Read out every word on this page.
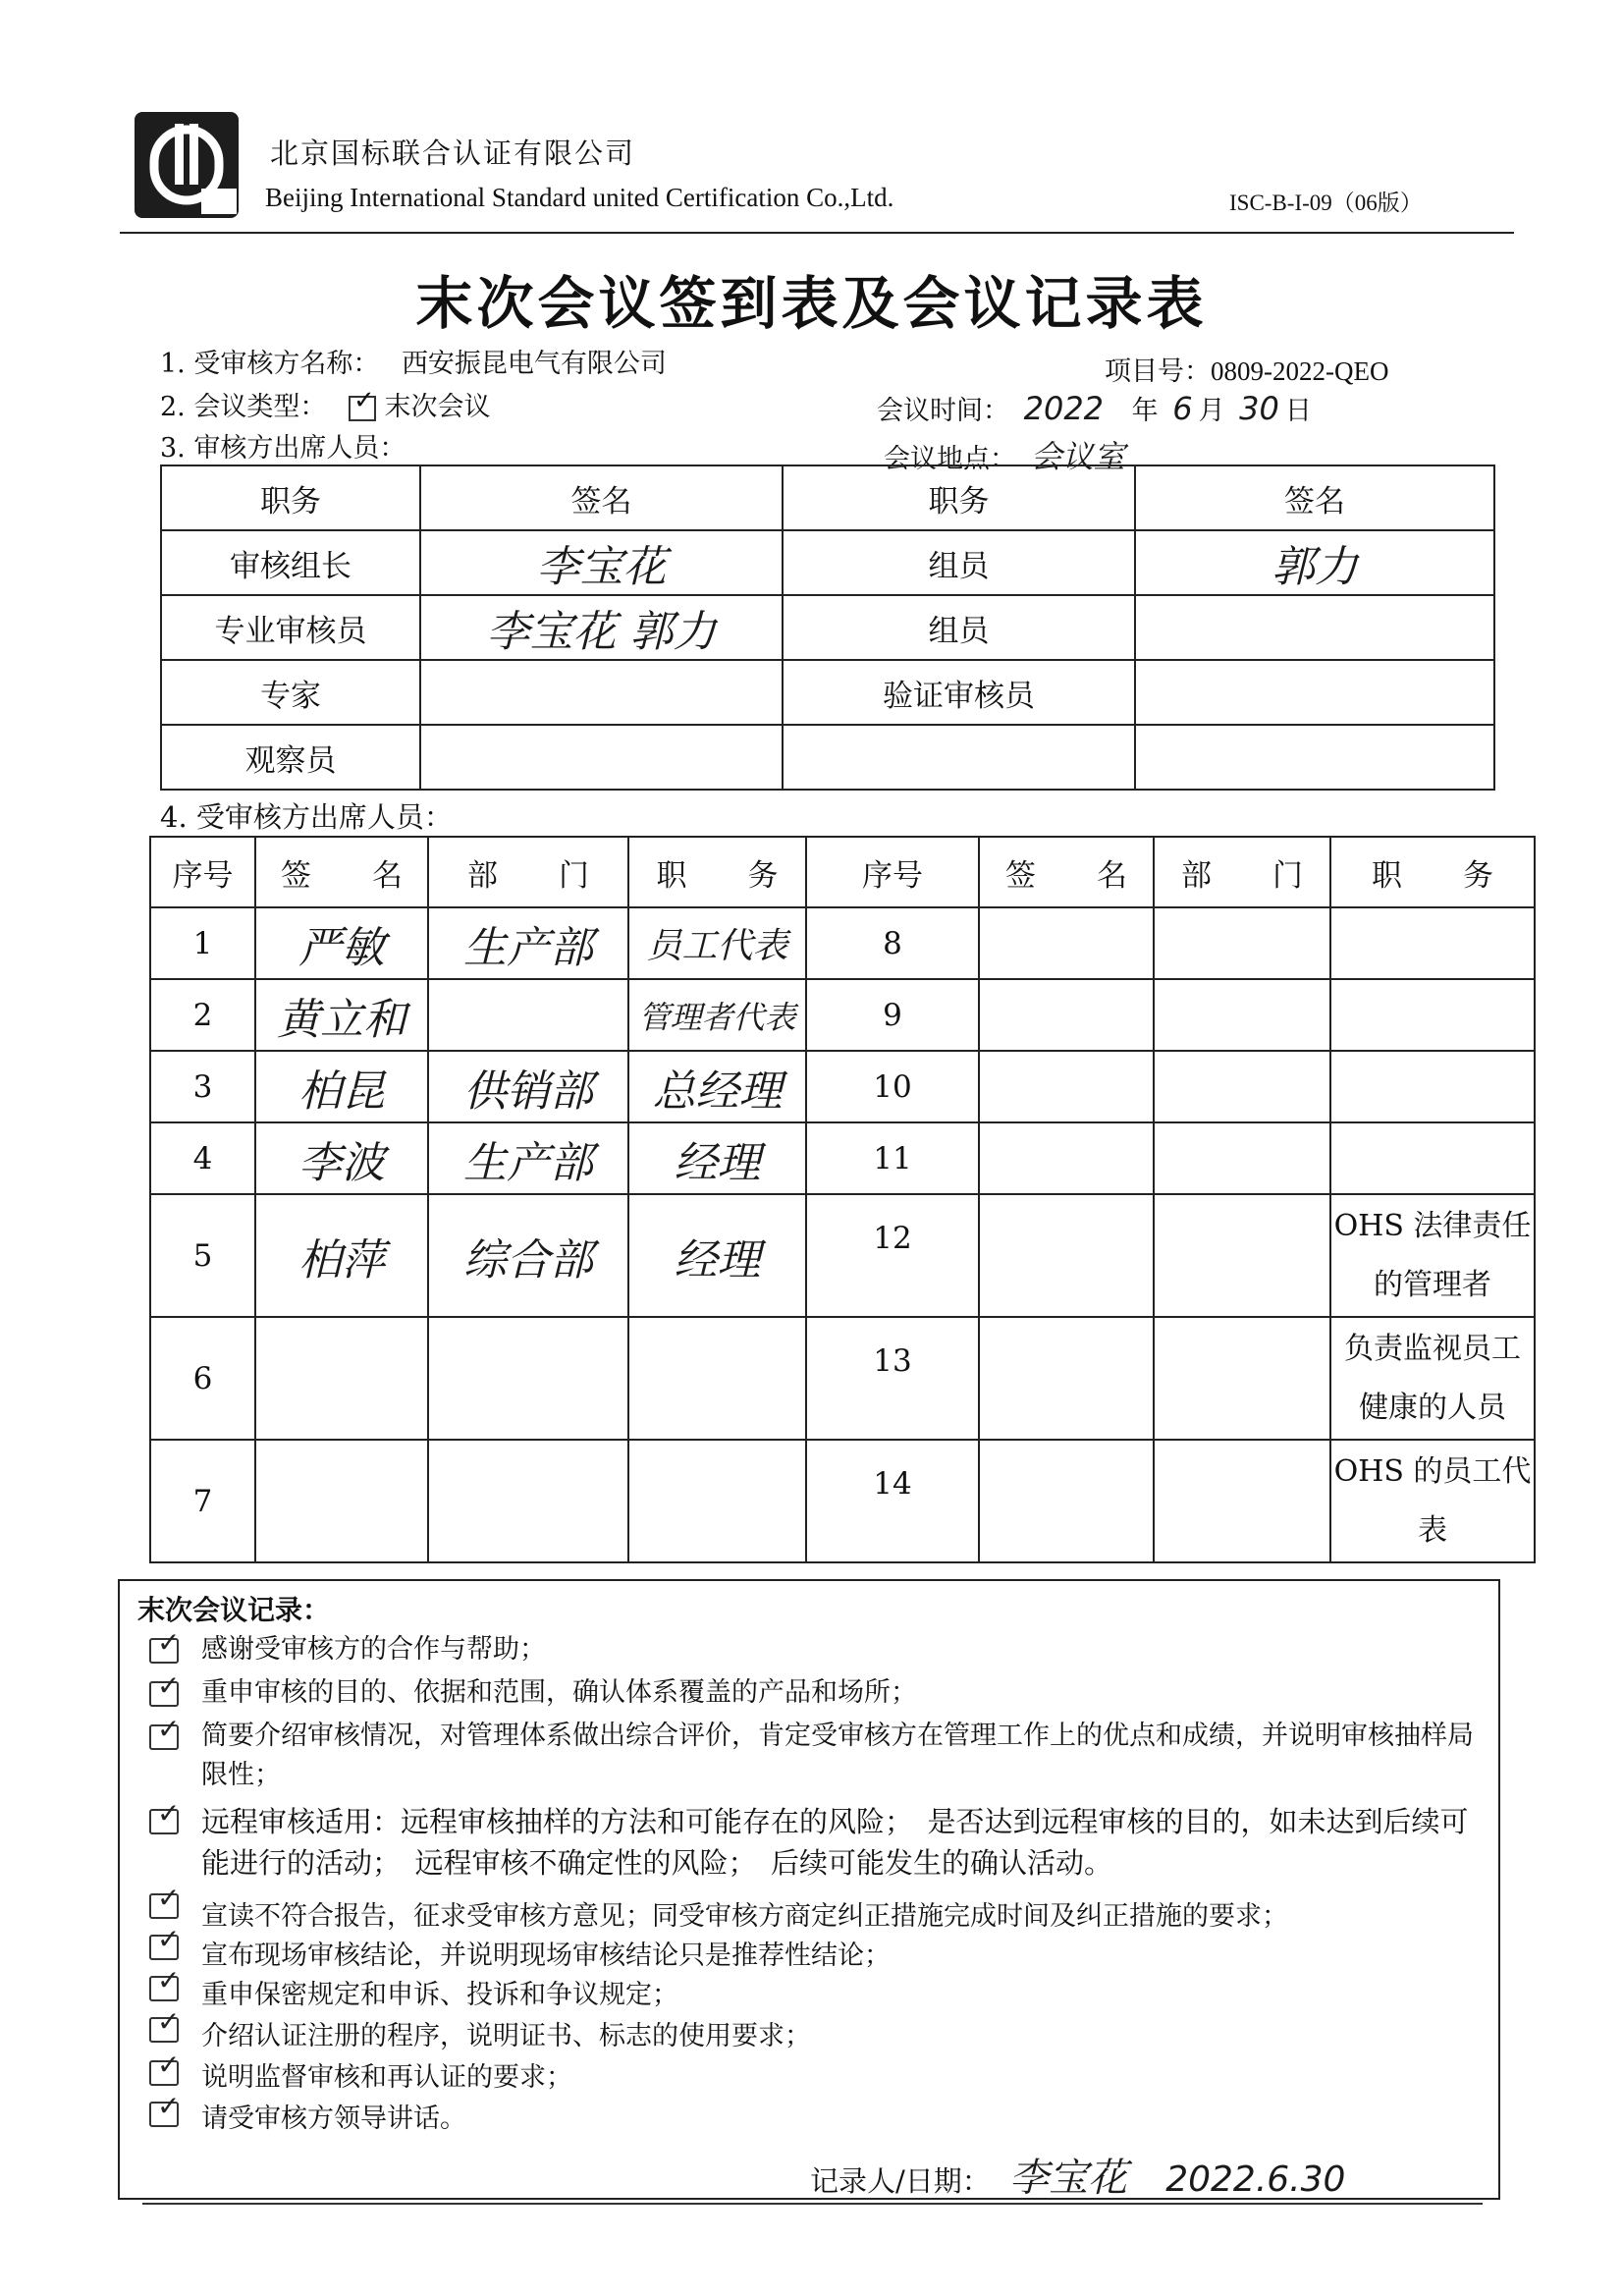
北京国标联合认证有限公司
Beijing International Standard united Certification Co.,Ltd.	ISC-B-I-09（06版）
末次会议签到表及会议记录表
1. 受审核方名称： 西安振昆电气有限公司	项目号：0809-2022-QEO
2. 会议类型： ✓ 末次会议	会议时间： 2022 年 6 月 30 日
3. 审核方出席人员：	会议地点： 会议室
职务	签名	职务	签名
审核组长	李宝花	组员	郭力
专业审核员	李宝花 郭力	组员	
专家		验证审核员	
观察员			
4. 受审核方出席人员：
序号	签　　名	部　　门	职　　务	序号	签　　名	部　　门	职　　务
1	严敏	生产部	员工代表	8			
2	黄立和		管理者代表	9			
3	柏昆	供销部	总经理	10			
4	李波	生产部	经理	11			
5	柏萍	综合部	经理	12			OHS 法律责任的管理者
6				13			负责监视员工健康的人员
7				14			OHS 的员工代表
末次会议记录：
✓
感谢受审核方的合作与帮助；
✓
重申审核的目的、依据和范围，确认体系覆盖的产品和场所；
✓
简要介绍审核情况，对管理体系做出综合评价，肯定受审核方在管理工作上的优点和成绩，并说明审核抽样局限性；
✓
远程审核适用：远程审核抽样的方法和可能存在的风险；　是否达到远程审核的目的，如未达到后续可能进行的活动；　远程审核不确定性的风险；　后续可能发生的确认活动。
✓
宣读不符合报告，征求受审核方意见；同受审核方商定纠正措施完成时间及纠正措施的要求；
✓
宣布现场审核结论，并说明现场审核结论只是推荐性结论；
✓
重申保密规定和申诉、投诉和争议规定；
✓
介绍认证注册的程序，说明证书、标志的使用要求；
✓
说明监督审核和再认证的要求；
✓
请受审核方领导讲话。
记录人/日期： 李宝花 2022.6.30
